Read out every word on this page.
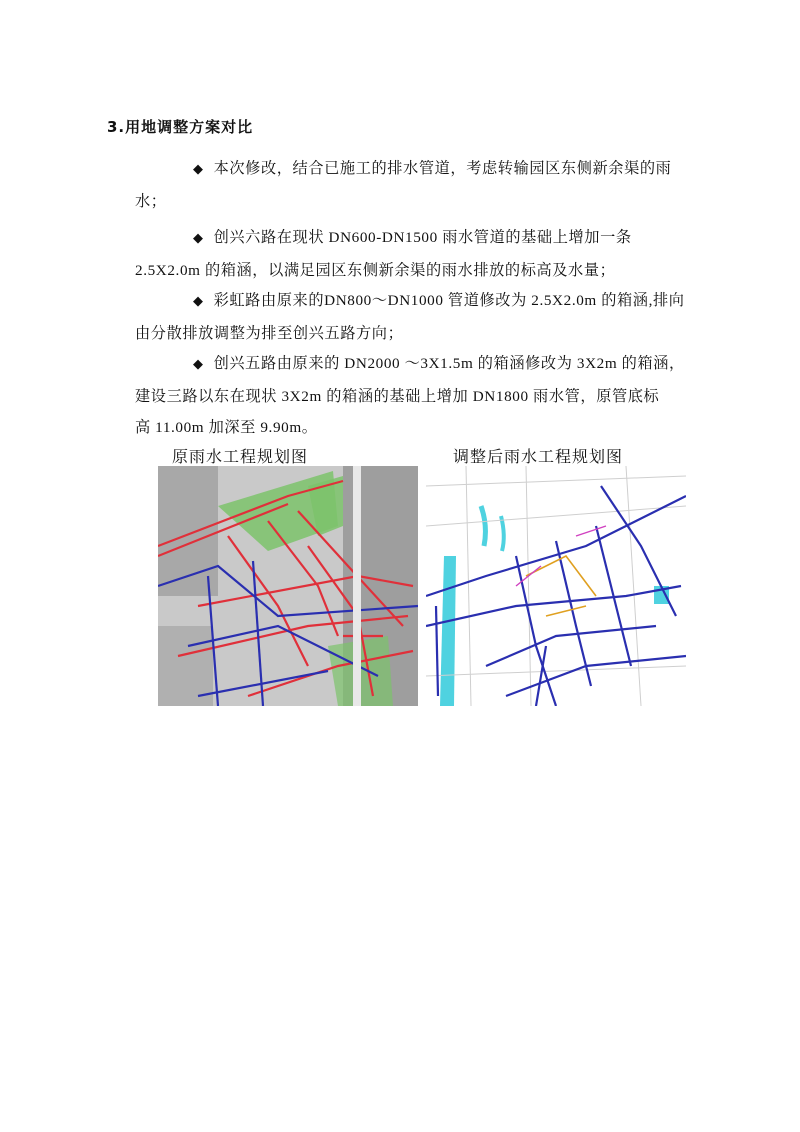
3.用地调整方案对比
◆ 本次修改，结合已施工的排水管道，考虑转输园区东侧新余渠的雨
水；
◆ 创兴六路在现状 DN600-DN1500 雨水管道的基础上增加一条
2.5X2.0m 的箱涵，以满足园区东侧新余渠的雨水排放的标高及水量；
◆ 彩虹路由原来的DN800～DN1000 管道修改为 2.5X2.0m 的箱涵,排向
由分散排放调整为排至创兴五路方向；
◆ 创兴五路由原来的 DN2000 ～3X1.5m 的箱涵修改为 3X2m 的箱涵，
建设三路以东在现状 3X2m 的箱涵的基础上增加 DN1800 雨水管，原管底标
高 11.00m 加深至 9.90m。
原雨水工程规划图	调整后雨水工程规划图
